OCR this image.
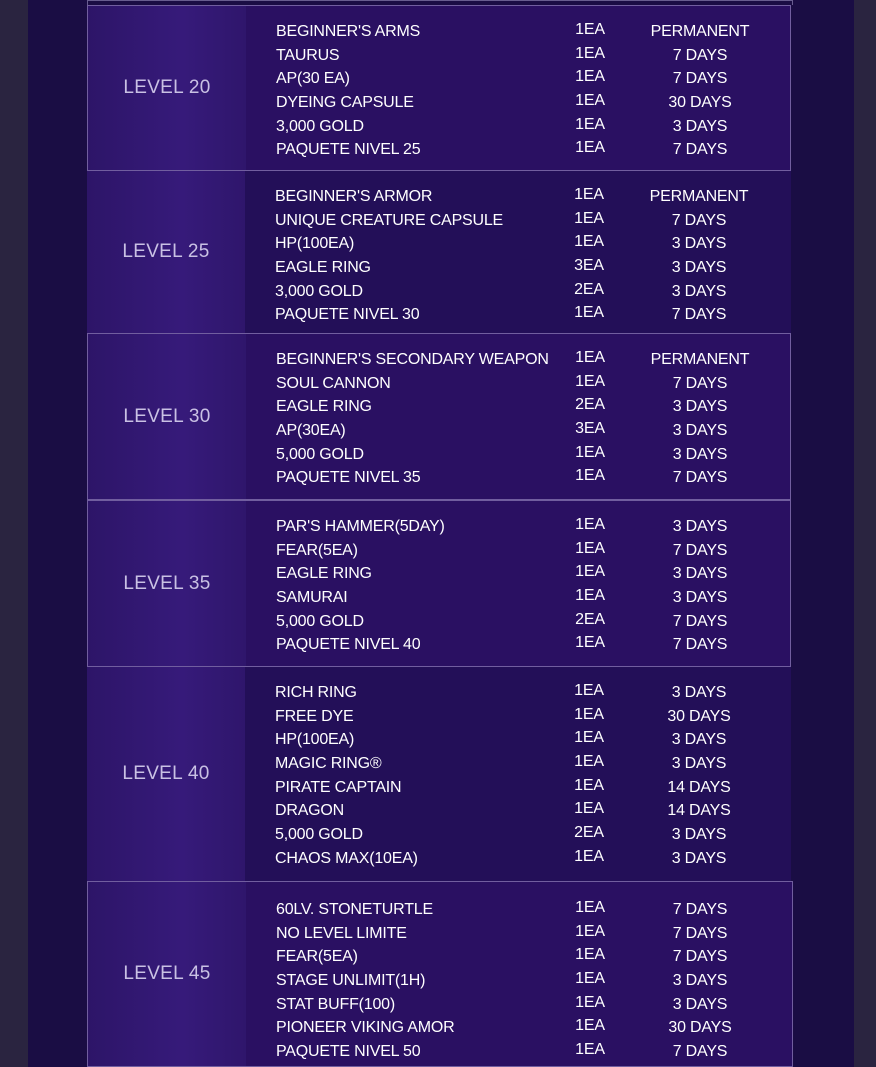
LEVEL 20
BEGINNER'S ARMS	1EA	PERMANENT
TAURUS	1EA	7 DAYS
AP(30 EA)	1EA	7 DAYS
DYEING CAPSULE	1EA	30 DAYS
3,000 GOLD	1EA	3 DAYS
PAQUETE NIVEL 25	1EA	7 DAYS
LEVEL 25
BEGINNER'S ARMOR	1EA	PERMANENT
UNIQUE CREATURE CAPSULE	1EA	7 DAYS
HP(100EA)	1EA	3 DAYS
EAGLE RING	3EA	3 DAYS
3,000 GOLD	2EA	3 DAYS
PAQUETE NIVEL 30	1EA	7 DAYS
LEVEL 30
BEGINNER'S SECONDARY WEAPON	1EA	PERMANENT
SOUL CANNON	1EA	7 DAYS
EAGLE RING	2EA	3 DAYS
AP(30EA)	3EA	3 DAYS
5,000 GOLD	1EA	3 DAYS
PAQUETE NIVEL 35	1EA	7 DAYS
LEVEL 35
PAR'S HAMMER(5DAY)	1EA	3 DAYS
FEAR(5EA)	1EA	7 DAYS
EAGLE RING	1EA	3 DAYS
SAMURAI	1EA	3 DAYS
5,000 GOLD	2EA	7 DAYS
PAQUETE NIVEL 40	1EA	7 DAYS
LEVEL 40
RICH RING	1EA	3 DAYS
FREE DYE	1EA	30 DAYS
HP(100EA)	1EA	3 DAYS
MAGIC RING®	1EA	3 DAYS
PIRATE CAPTAIN	1EA	14 DAYS
DRAGON	1EA	14 DAYS
5,000 GOLD	2EA	3 DAYS
CHAOS MAX(10EA)	1EA	3 DAYS
LEVEL 45
60LV. STONETURTLE	1EA	7 DAYS
NO LEVEL LIMITE	1EA	7 DAYS
FEAR(5EA)	1EA	7 DAYS
STAGE UNLIMIT(1H)	1EA	3 DAYS
STAT BUFF(100)	1EA	3 DAYS
PIONEER VIKING AMOR	1EA	30 DAYS
PAQUETE NIVEL 50	1EA	7 DAYS
